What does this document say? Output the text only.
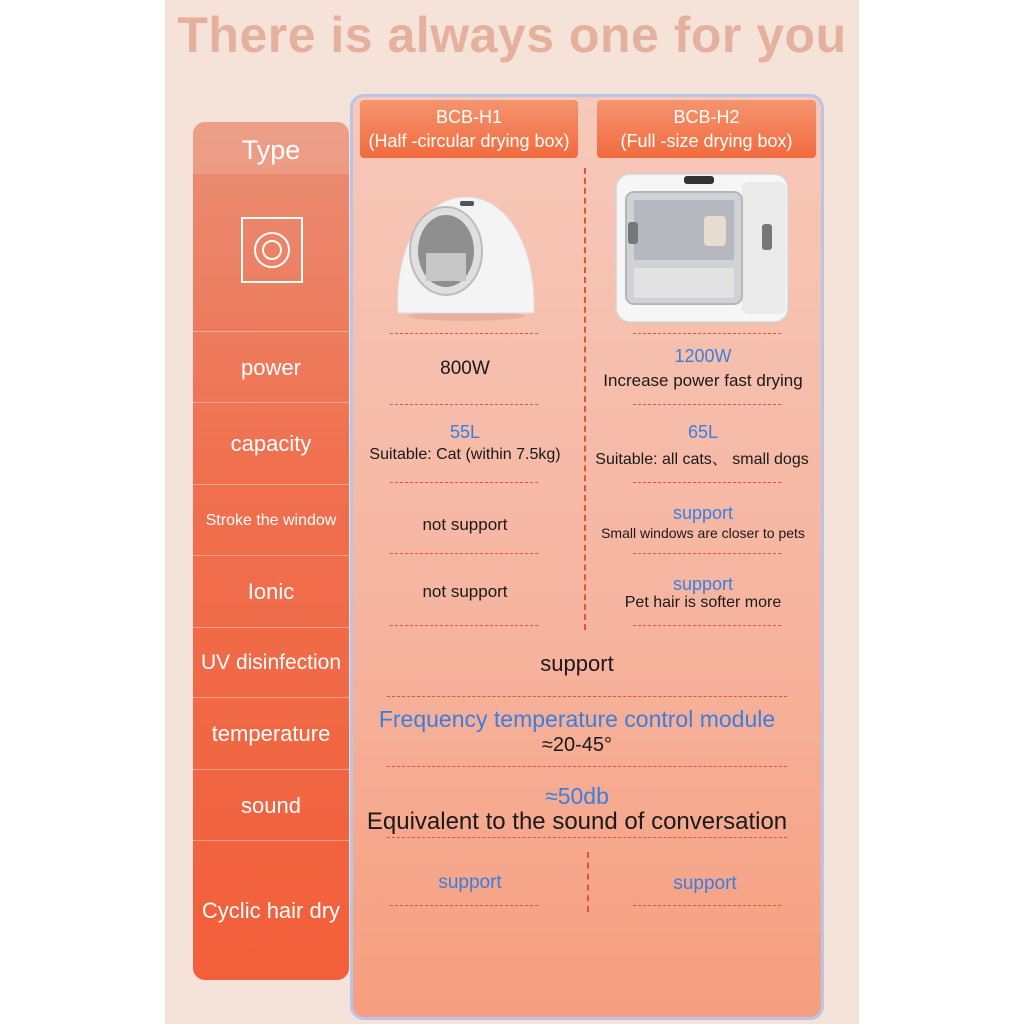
There is always one for you
Type
power
capacity
Stroke the window
Ionic
UV disinfection
temperature
sound
Cyclic hair dry
BCB-H1
(Half -circular drying box)
BCB-H2
(Full -size drying box)
800W
1200W
Increase power fast drying
55L
Suitable: Cat (within 7.5kg)
65L
Suitable: all cats、 small dogs
not support
support
Small windows are closer to pets
not support	support
Pet hair is softer more
support
Frequency temperature control module
≈20-45°
≈50db
Equivalent to the sound of conversation
support	support
